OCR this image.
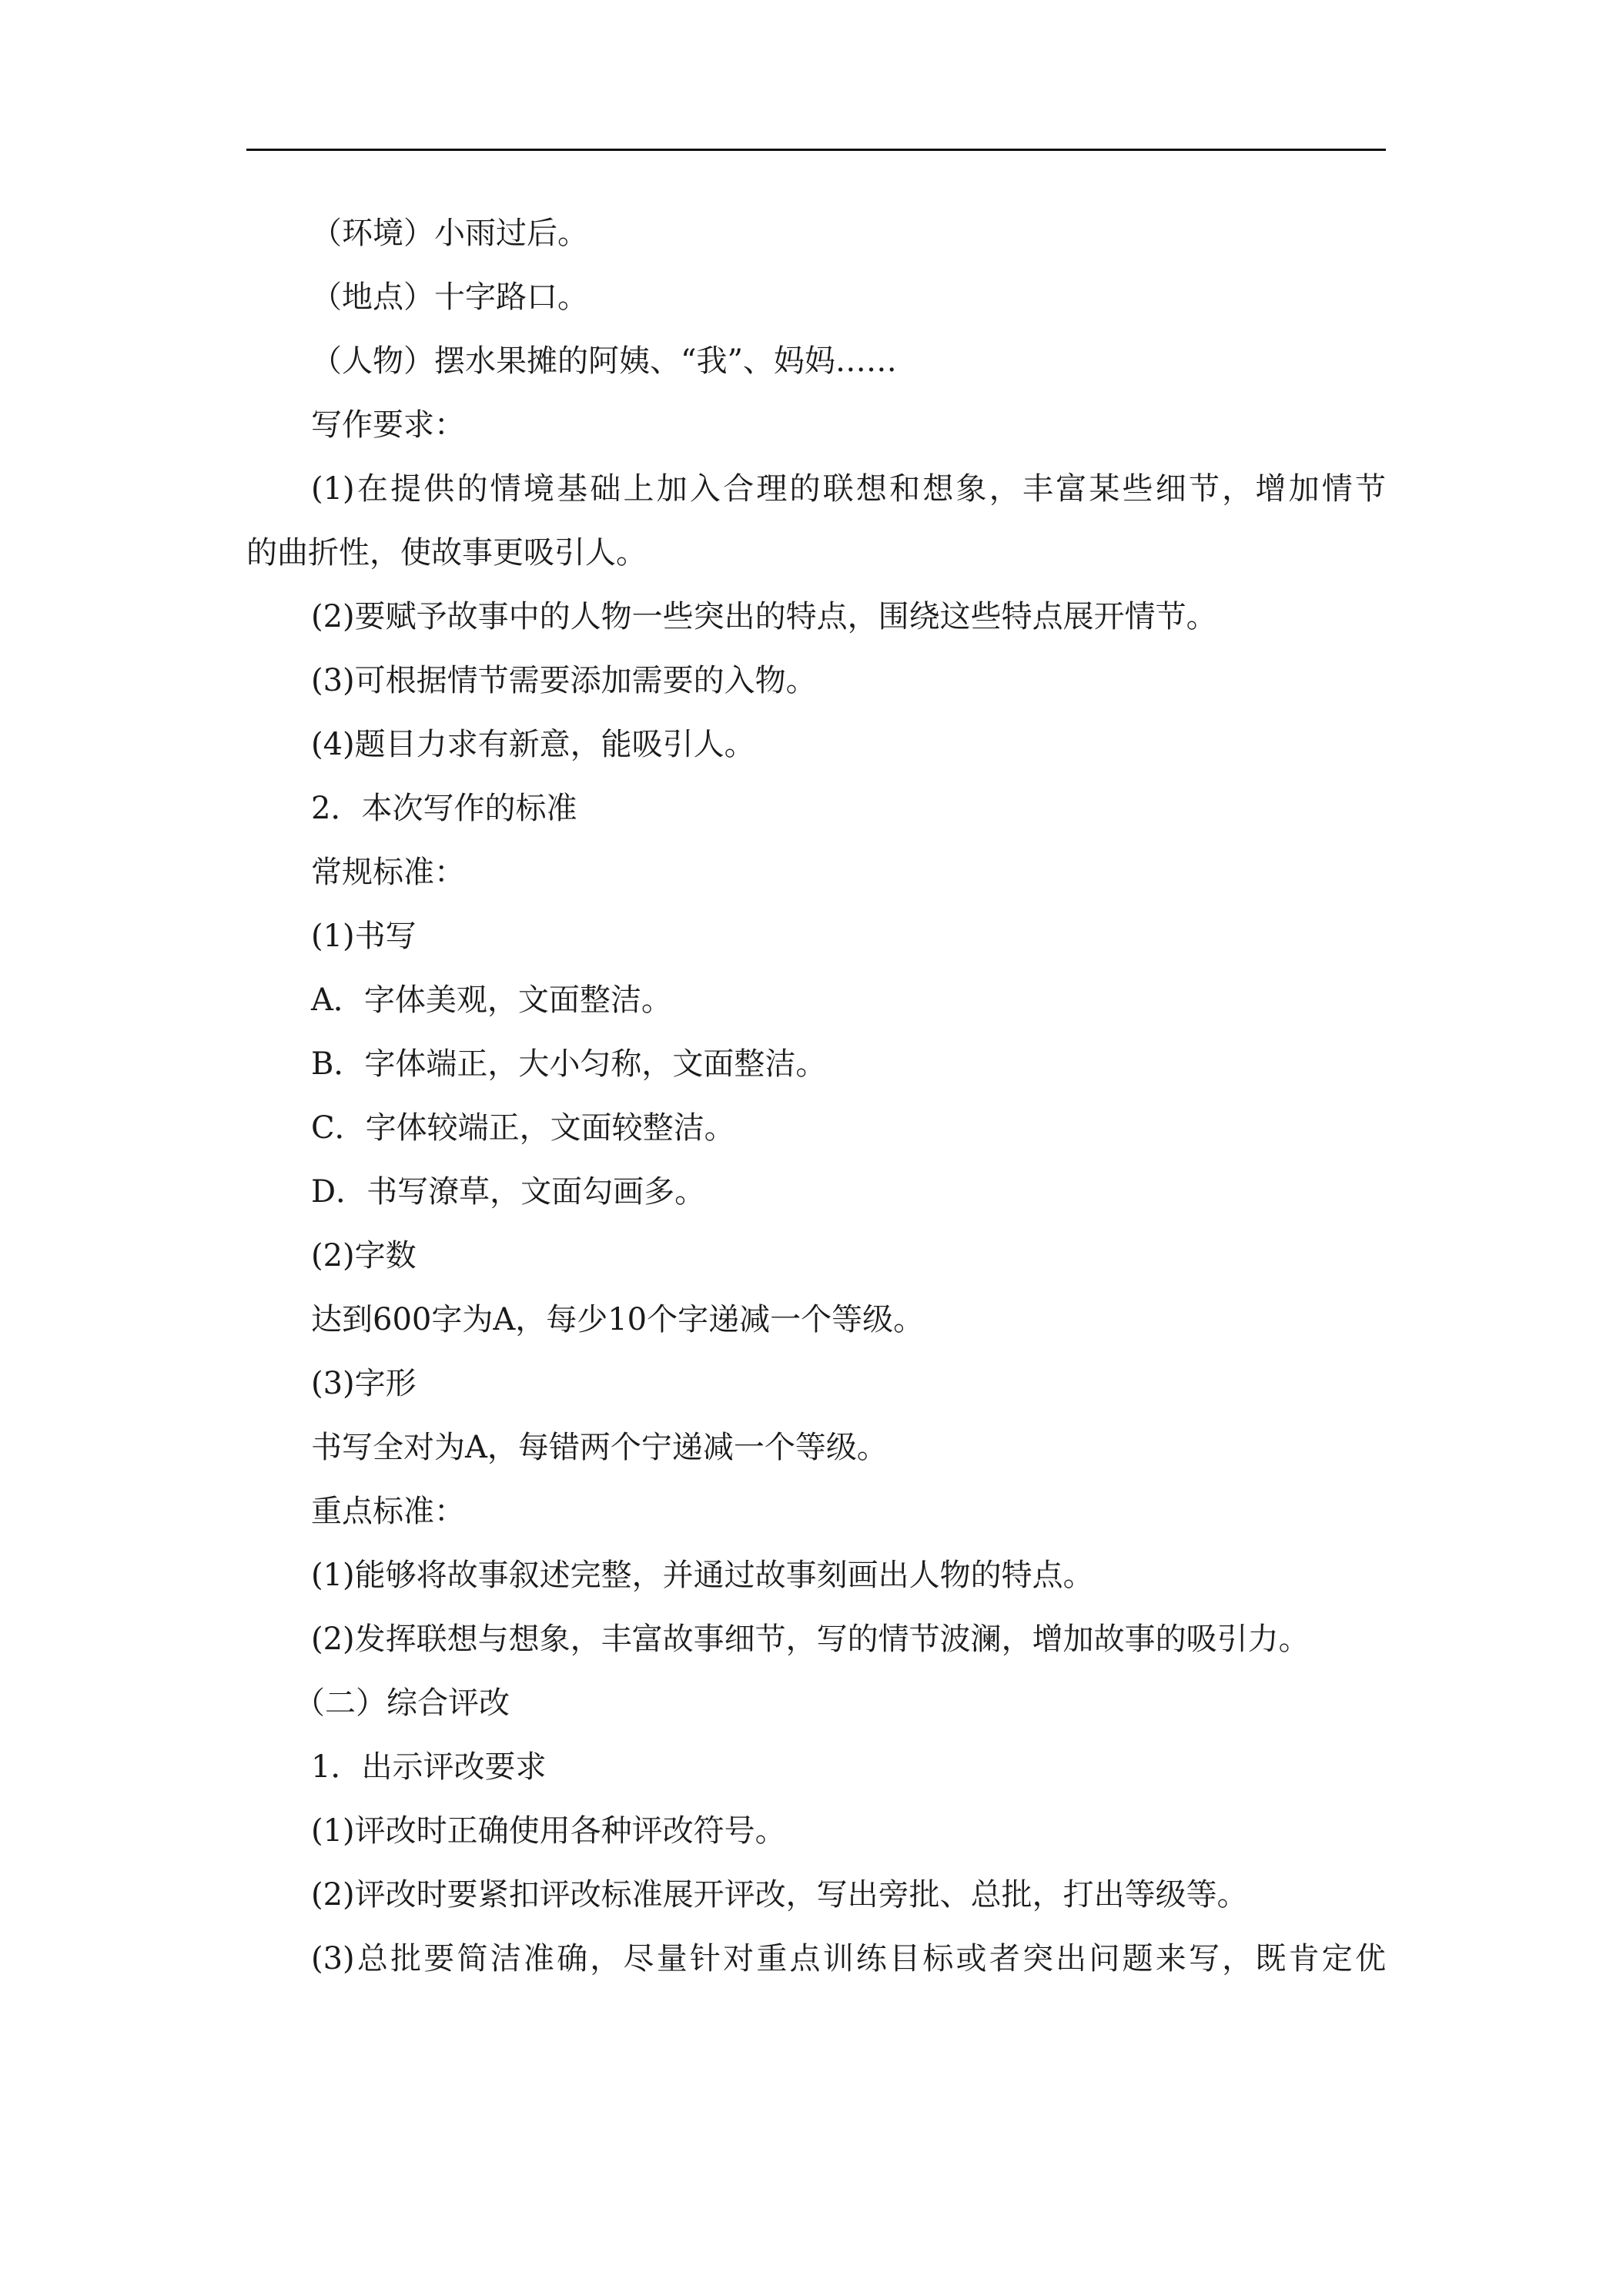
（环境）小雨过后。

（地点）十字路口。

（人物）摆水果摊的阿姨、“我”、妈妈……

写作要求：

(1)在提供的情境基础上加入合理的联想和想象，丰富某些细节，增加情节

的曲折性，使故事更吸引人。

(2)要赋予故事中的人物一些突出的特点，围绕这些特点展开情节。

(3)可根据情节需要添加需要的入物。

(4)题目力求有新意，能吸引人。

2．本次写作的标准

常规标准：

(1)书写

A．字体美观，文面整洁。

B．字体端正，大小匀称，文面整洁。

C．字体较端正，文面较整洁。

D．书写潦草，文面勾画多。

(2)字数

达到600字为A，每少10个字递减一个等级。

(3)字形

书写全对为A，每错两个宁递减一个等级。

重点标准：

(1)能够将故事叙述完整，并通过故事刻画出人物的特点。

(2)发挥联想与想象，丰富故事细节，写的情节波澜，增加故事的吸引力。

（二）综合评改

1．出示评改要求

(1)评改时正确使用各种评改符号。

(2)评改时要紧扣评改标准展开评改，写出旁批、总批，打出等级等。

(3)总批要简洁准确，尽量针对重点训练目标或者突出问题来写，既肯定优
